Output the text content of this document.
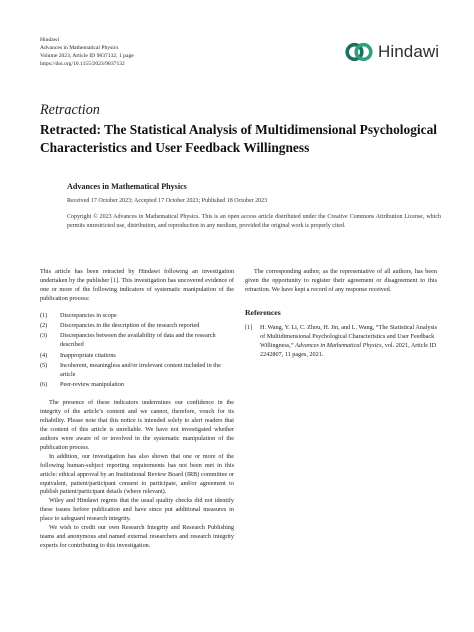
Hindawi
Advances in Mathematical Physics
Volume 2023, Article ID 9837132, 1 page
https://doi.org/10.1155/2023/9837132
Hindawi
Retraction
Retracted: The Statistical Analysis of Multidimensional Psychological Characteristics and User Feedback Willingness
Advances in Mathematical Physics
Received 17 October 2023; Accepted 17 October 2023; Published 18 October 2023
Copyright © 2023 Advances in Mathematical Physics. This is an open access article distributed under the Creative Commons Attribution License, which permits unrestricted use, distribution, and reproduction in any medium, provided the original work is properly cited.

This article has been retracted by Hindawi following an investigation undertaken by the publisher [1]. This investigation has uncovered evidence of one or more of the following indicators of systematic manipulation of the publication process:

(1)	Discrepancies in scope
(2)	Discrepancies in the description of the research reported
(3)	Discrepancies between the availability of data and the research described
(4)	Inappropriate citations
(5)	Incoherent, meaningless and/or irrelevant content included in the article
(6)	Peer-review manipulation

The presence of these indicators undermines our confidence in the integrity of the article’s content and we cannot, therefore, vouch for its reliability. Please note that this notice is intended solely to alert readers that the content of this article is unreliable. We have not investigated whether authors were aware of or involved in the systematic manipulation of the publication process.

In addition, our investigation has also shown that one or more of the following human-subject reporting requirements has not been met in this article: ethical approval by an Institutional Review Board (IRB) committee or equivalent, patient/participant consent to participate, and/or agreement to publish patient/participant details (where relevant).

Wiley and Hindawi regrets that the usual quality checks did not identify these issues before publication and have since put additional measures in place to safeguard research integrity.

We wish to credit our own Research Integrity and Research Publishing teams and anonymous and named external researchers and research integrity experts for contributing to this investigation.

The corresponding author, as the representative of all authors, has been given the opportunity to register their agreement or disagreement to this retraction. We have kept a record of any response received.

References
[1]	H. Wang, Y. Li, C. Zhou, H. Jin, and L. Wang, “The Statistical Analysis of Multidimensional Psychological Characteristics and User Feedback Willingness,” Advances in Mathematical Physics, vol. 2021, Article ID 2242807, 11 pages, 2021.
